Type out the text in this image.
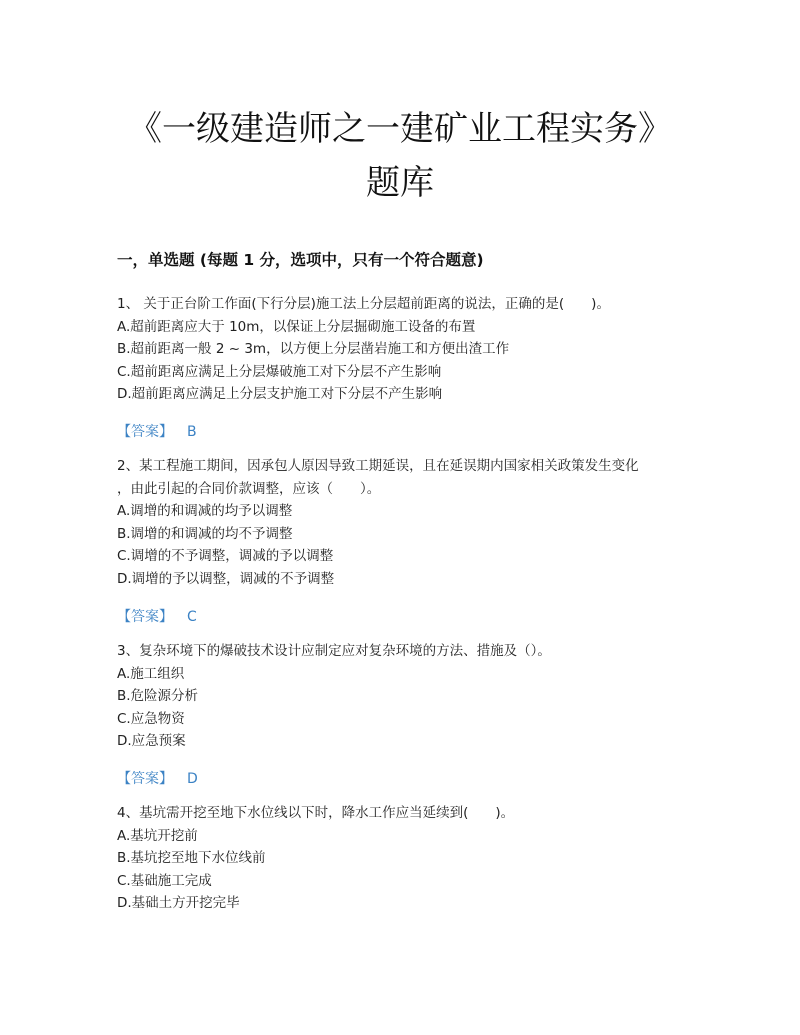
《一级建造师之一建矿业工程实务》
题库
一，单选题 (每题 1 分，选项中，只有一个符合题意)
1、 关于正台阶工作面(下行分层)施工法上分层超前距离的说法，正确的是(　　)。
A.超前距离应大于 10m，以保证上分层掘砌施工设备的布置
B.超前距离一般 2 ~ 3m，以方便上分层凿岩施工和方便出渣工作
C.超前距离应满足上分层爆破施工对下分层不产生影响
D.超前距离应满足上分层支护施工对下分层不产生影响
【答案】 B
2、某工程施工期间，因承包人原因导致工期延误，且在延误期内国家相关政策发生变化
，由此引起的合同价款调整，应该（　　）。
A.调增的和调减的均予以调整
B.调增的和调减的均不予调整
C.调增的不予调整，调减的予以调整
D.调增的予以调整，调减的不予调整
【答案】 C
3、复杂环境下的爆破技术设计应制定应对复杂环境的方法、措施及（）。
A.施工组织
B.危险源分析
C.应急物资
D.应急预案
【答案】 D
4、基坑需开挖至地下水位线以下时，降水工作应当延续到(　　)。
A.基坑开挖前
B.基坑挖至地下水位线前
C.基础施工完成
D.基础土方开挖完毕
